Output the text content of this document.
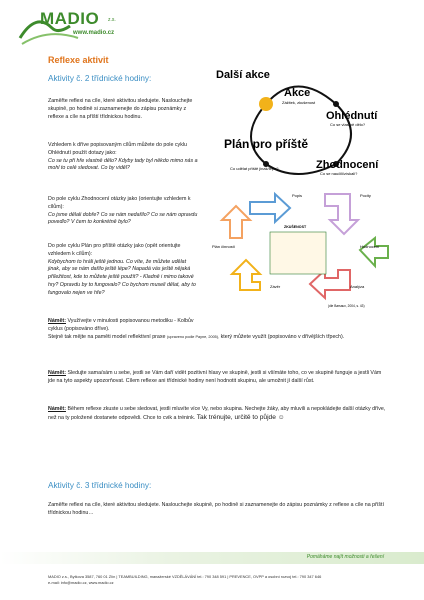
MADIO z.s.
www.madio.cz
Reflexe aktivit
Aktivity č. 2 třídnické hodiny:
Zaměřte reflexi na cíle, které aktivitou sledujete. Naslouchejte skupině, po hodině si zaznamenejte do zápisu poznámky z reflexe a cíle na příští třídnickou hodinu.
Vzhledem k dříve popisovaným cílům můžete do pole cyklu Ohlédnutí použít dotazy jako:
Co se tu při hře vlastně dělo? Kdyby tady byl někdo mimo nás a mohl to celé sledovat. Co by viděl?
Do pole cyklu Zhodnocení otázky jako (orientujte vzhledem k cílům):
Co jsme dělali dobře? Co se nám nedařilo? Co se nám opravdu povedlo? V čem to konkrétně bylo?
Do pole cyklu Plán pro příště otázky jako (opět orientujte vzhledem k cílům):
Kdybychom to hráli ještě jednou. Co víte, že můžete udělat jinak, aby se nám dařilo ještě lépe? Napadá vás ještě nějaká příležitost, kde to můžete ještě použít? - Kladně i mimo takové hry? Opravdu by to fungovalo? Co bychom museli dělat, aby to fungovalo nejen ve hře?
Námět: Využívejte v minulosti popisovanou metodiku - Kolbův cyklus (popisováno dříve).
Stejně tak mějte na paměti model reflektivní praxe (upraveno podle Payne, 2005), který můžete využít (popisováno v dřívějších třpech).
Námět: Sledujte sama/sám u sebe, jestli se Vám daří vidět pozitivní hlasy ve skupině, jestli si všímáte toho, co ve skupině funguje a jestli Vám jde na tyto aspekty upozorňovat. Cílem reflexe ani třídnické hodiny není hodnotit skupinu, ale umožnit jí další růst.
Námět: Během reflexe zkuste u sebe sledovat, jestli mluvíte více Vy, nebo skupina. Nechejte žáky, aby mluvili a nepokládejte další otázky dříve, než na ty položené dostanete odpovědi. Chce to cvik a trénink. Tak trénujte, určitě to půjde ☺
Další akce
Akce
Zážitek, zkušenost
Ohlédnutí
Co se vlastně dělo?
Zhodnocení
Co se naučili/získali?
Plán pro příště
Co udělat příště jinak/lépe?
Popis	Pocity
ZKUŠENOST
Plán činnosti	Hodnocení
Závěr	Analýza
(dle Barsaux, 2004, s. 43)
Aktivity č. 3 třídnické hodiny:
Zaměřte reflexi na cíle, které aktivitou sledujete. Naslouchejte skupině, po hodině si zaznamenejte do zápisu poznámky z reflexe a cíle na příští třídnickou hodinu…
Pomáháme najít možnosti a řešení
MADIO z.s., Bytkova 3587, 760 01 Zlín | TEAMBUILDING, manažerské VZDĚLÁVÁNÍ tel.: 790 348 591 | PREVENCE, OVPP a osobní rozvoj tel.: 790 347 646
e-mail: info@madio.cz, www.madio.cz
